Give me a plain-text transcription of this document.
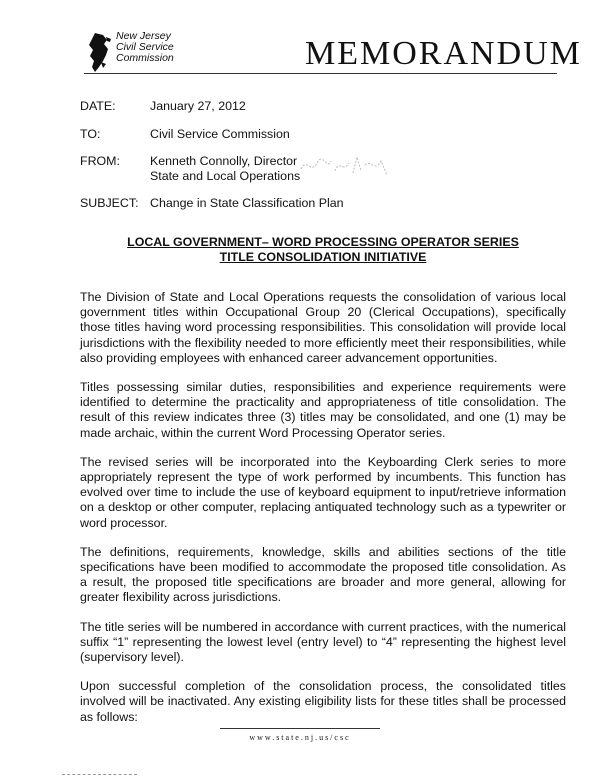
New Jersey
Civil Service
Commission	MEMORANDUM
DATE:	January 27, 2012
TO:	Civil Service Commission
FROM: Kenneth Connolly, Director
State and Local Operations
SUBJECT: Change in State Classification Plan
LOCAL GOVERNMENT– WORD PROCESSING OPERATOR SERIES
TITLE CONSOLIDATION INITIATIVE

The Division of State and Local Operations requests the consolidation of various local government titles within Occupational Group 20 (Clerical Occupations), specifically those titles having word processing responsibilities. This consolidation will provide local jurisdictions with the flexibility needed to more efficiently meet their responsibilities, while also providing employees with enhanced career advancement opportunities.

Titles possessing similar duties, responsibilities and experience requirements were identified to determine the practicality and appropriateness of title consolidation. The result of this review indicates three (3) titles may be consolidated, and one (1) may be made archaic, within the current Word Processing Operator series.

The revised series will be incorporated into the Keyboarding Clerk series to more appropriately represent the type of work performed by incumbents. This function has evolved over time to include the use of keyboard equipment to input/retrieve information on a desktop or other computer, replacing antiquated technology such as a typewriter or word processor.

The definitions, requirements, knowledge, skills and abilities sections of the title specifications have been modified to accommodate the proposed title consolidation. As a result, the proposed title specifications are broader and more general, allowing for greater flexibility across jurisdictions.

The title series will be numbered in accordance with current practices, with the numerical suffix “1” representing the lowest level (entry level) to “4” representing the highest level (supervisory level).

Upon successful completion of the consolidation process, the consolidated titles involved will be inactivated. Any existing eligibility lists for these titles shall be processed as follows:

www.state.nj.us/csc
